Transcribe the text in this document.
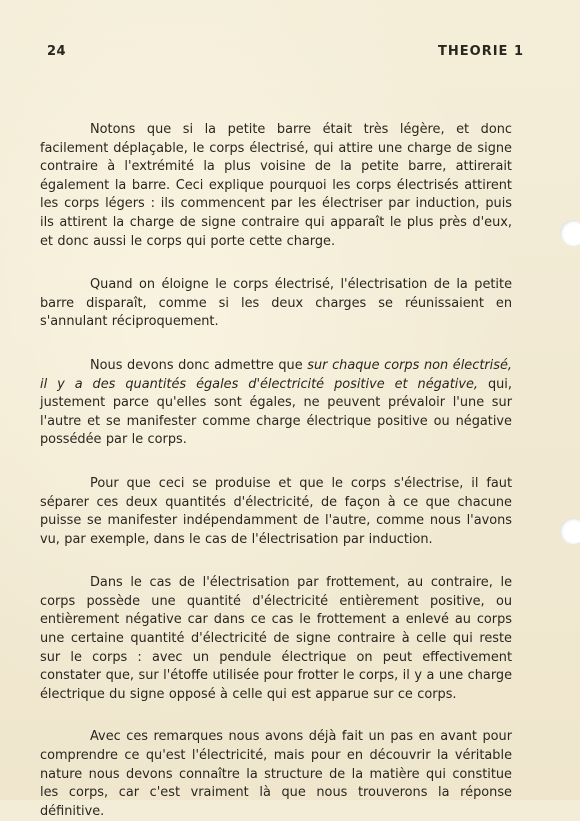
24	THEORIE 1

Notons que si la petite barre était très légère, et donc facilement déplaçable, le corps électrisé, qui attire une charge de signe contraire à l'extrémité la plus voisine de la petite barre, attirerait également la barre. Ceci explique pourquoi les corps électrisés attirent les corps légers : ils commencent par les électriser par induction, puis ils attirent la charge de signe contraire qui apparaît le plus près d'eux, et donc aussi le corps qui porte cette charge.

Quand on éloigne le corps électrisé, l'électrisation de la petite barre disparaît, comme si les deux charges se réunissaient en s'annulant réciproquement.

Nous devons donc admettre que sur chaque corps non électrisé, il y a des quantités égales d'électricité positive et négative, qui, justement parce qu'elles sont égales, ne peuvent prévaloir l'une sur l'autre et se manifester comme charge électrique positive ou négative possédée par le corps.

Pour que ceci se produise et que le corps s'électrise, il faut séparer ces deux quantités d'électricité, de façon à ce que chacune puisse se manifester indépendamment de l'autre, comme nous l'avons vu, par exemple, dans le cas de l'électrisation par induction.

Dans le cas de l'électrisation par frottement, au contraire, le corps possède une quantité d'électricité entièrement positive, ou entièrement négative car dans ce cas le frottement a enlevé au corps une certaine quantité d'électricité de signe contraire à celle qui reste sur le corps : avec un pendule électrique on peut effectivement constater que, sur l'étoffe utilisée pour frotter le corps, il y a une charge électrique du signe opposé à celle qui est apparue sur ce corps.

Avec ces remarques nous avons déjà fait un pas en avant pour comprendre ce qu'est l'électricité, mais pour en découvrir la véritable nature nous devons connaître la structure de la matière qui constitue les corps, car c'est vraiment là que nous trouverons la réponse définitive.
